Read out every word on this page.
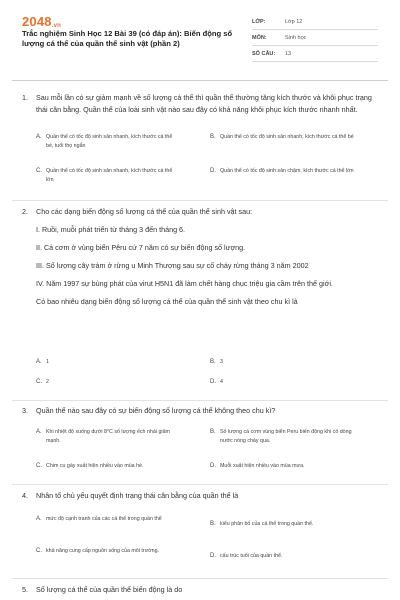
2048.vn
Trắc nghiệm Sinh Học 12 Bài 39 (có đáp án): Biến động số lượng cá thể của quần thể sinh vật (phần 2)
LỚP:	Lớp 12
MÔN:	Sinh học
SỐ CÂU:	13
1. Sau mỗi lần có sự giảm mạnh về số lượng cá thể thì quần thể thường tăng kích thước và khôi phục trạng thái cân bằng. Quần thể của loài sinh vật nào sau đây có khả năng khôi phục kích thước nhanh nhất.
A. Quần thể có tốc độ sinh sản nhanh, kích thước cá thể bé, tuổi thọ ngắn
B. Quần thể có tốc độ sinh sản nhanh, kích thước cá thể bé
C. Quần thể có tốc độ sinh sản nhanh, kích thước cá thể lớn
D. Quần thể có tốc độ sinh sản chậm, kích thước cá thể lớn
2. Cho các dạng biến động số lượng cá thể của quần thể sinh vật sau:
I. Ruồi, muỗi phát triển từ tháng 3 đến tháng 6.
II. Cá cơm ở vùng biển Pêru cứ 7 năm có sự biến động số lượng.
III. Số lượng cây tràm ở rừng u Minh Thượng sau sự cố cháy rừng tháng 3 năm 2002
IV. Năm 1997 sự bùng phát của virut H5N1 đã làm chết hàng chục triệu gia cầm trên thế giới.
Có bao nhiêu dạng biến động số lượng cá thể của quần thể sinh vật theo chu kì là
A. 1	B. 3
C. 2	D. 4
3. Quần thể nào sau đây có sự biến động số lượng cá thể không theo chu kì?
A. Khi nhiệt độ xuống dưới 8°C số lượng ếch nhái giảm mạnh.
B. Số lượng cá cơm vùng biển Peru biến động khi có dòng nước nóng chảy qua.
C. Chim cu gáy xuất hiện nhiều vào mùa hè.	D. Muỗi xuất hiện nhiều vào mùa mưa.
4. Nhân tố chủ yếu quyết định trạng thái cân bằng của quần thể là
A. mức độ cạnh tranh của các cá thể trong quần thể
B. kiểu phân bố của cá thể trong quần thể.
C. khả năng cung cấp nguồn sống của môi trường.
D. cấu trúc tuổi của quần thể.
5. Số lượng cá thể của quần thể biến động là do
